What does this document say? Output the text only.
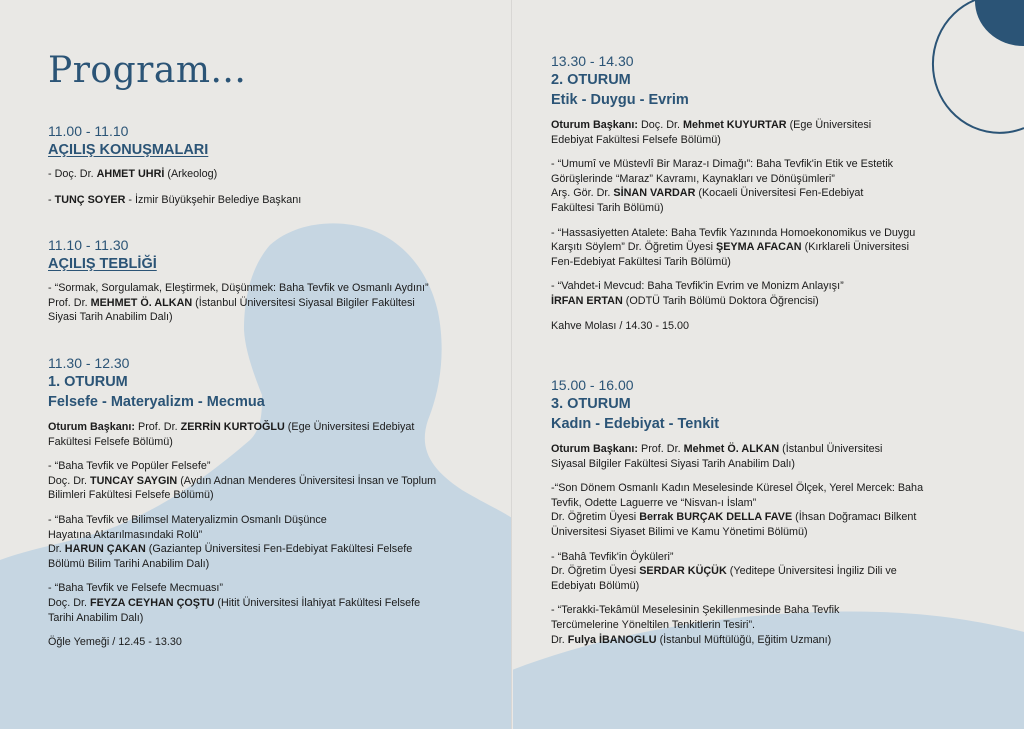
Program...
11.00 - 11.10
AÇILIŞ KONUŞMALARI
- Doç. Dr. AHMET UHRİ (Arkeolog)
- TUNÇ SOYER - İzmir Büyükşehir Belediye Başkanı
11.10 - 11.30
AÇILIŞ TEBLİĞİ
- “Sormak, Sorgulamak, Eleştirmek, Düşünmek: Baha Tevfik ve Osmanlı Aydını”
Prof. Dr. MEHMET Ö. ALKAN (İstanbul Üniversitesi Siyasal Bilgiler Fakültesi
Siyasi Tarih Anabilim Dalı)
11.30 - 12.30
1. OTURUM
Felsefe - Materyalizm - Mecmua
Oturum Başkanı: Prof. Dr. ZERRİN KURTOĞLU (Ege Üniversitesi Edebiyat
Fakültesi Felsefe Bölümü)
- “Baha Tevfik ve Popüler Felsefe”
Doç. Dr. TUNCAY SAYGIN (Aydın Adnan Menderes Üniversitesi İnsan ve Toplum
Bilimleri Fakültesi Felsefe Bölümü)
- “Baha Tevfik ve Bilimsel Materyalizmin Osmanlı Düşünce
Hayatına Aktarılmasındaki Rolü”
Dr. HARUN ÇAKAN (Gaziantep Üniversitesi Fen-Edebiyat Fakültesi Felsefe
Bölümü Bilim Tarihi Anabilim Dalı)
- “Baha Tevfik ve Felsefe Mecmuası”
Doç. Dr. FEYZA CEYHAN ÇOŞTU (Hitit Üniversitesi İlahiyat Fakültesi Felsefe
Tarihi Anabilim Dalı)
Öğle Yemeği / 12.45 - 13.30
13.30 - 14.30
2. OTURUM
Etik - Duygu - Evrim
Oturum Başkanı: Doç. Dr. Mehmet KUYURTAR (Ege Üniversitesi
Edebiyat Fakültesi Felsefe Bölümü)
- “Umumî ve Müstevlî Bir Maraz-ı Dimağı”: Baha Tevfik'in Etik ve Estetik
Görüşlerinde “Maraz” Kavramı, Kaynakları ve Dönüşümleri”
Arş. Gör. Dr. SİNAN VARDAR (Kocaeli Üniversitesi Fen-Edebiyat
Fakültesi Tarih Bölümü)
- “Hassasiyetten Atalete: Baha Tevfik Yazınında Homoekonomikus ve Duygu
Karşıtı Söylem” Dr. Öğretim Üyesi ŞEYMA AFACAN (Kırklareli Üniversitesi
Fen-Edebiyat Fakültesi Tarih Bölümü)
- “Vahdet-i Mevcud: Baha Tevfik'in Evrim ve Monizm Anlayışı”
İRFAN ERTAN (ODTÜ Tarih Bölümü Doktora Öğrencisi)
Kahve Molası / 14.30 - 15.00
15.00 - 16.00
3. OTURUM
Kadın - Edebiyat - Tenkit
Oturum Başkanı: Prof. Dr. Mehmet Ö. ALKAN (İstanbul Üniversitesi
Siyasal Bilgiler Fakültesi Siyasi Tarih Anabilim Dalı)
-“Son Dönem Osmanlı Kadın Meselesinde Küresel Ölçek, Yerel Mercek: Baha
Tevfik, Odette Laguerre ve “Nisvan-ı İslam”
Dr. Öğretim Üyesi Berrak BURÇAK DELLA FAVE (İhsan Doğramacı Bilkent
Üniversitesi Siyaset Bilimi ve Kamu Yönetimi Bölümü)
- “Bahâ Tevfik'in Öyküleri”
Dr. Öğretim Üyesi SERDAR KÜÇÜK (Yeditepe Üniversitesi İngiliz Dili ve
Edebiyatı Bölümü)
- “Terakki-Tekâmül Meselesinin Şekillenmesinde Baha Tevfik
Tercümelerine Yöneltilen Tenkitlerin Tesiri”.
Dr. Fulya İBANOGLU (İstanbul Müftülüğü, Eğitim Uzmanı)
